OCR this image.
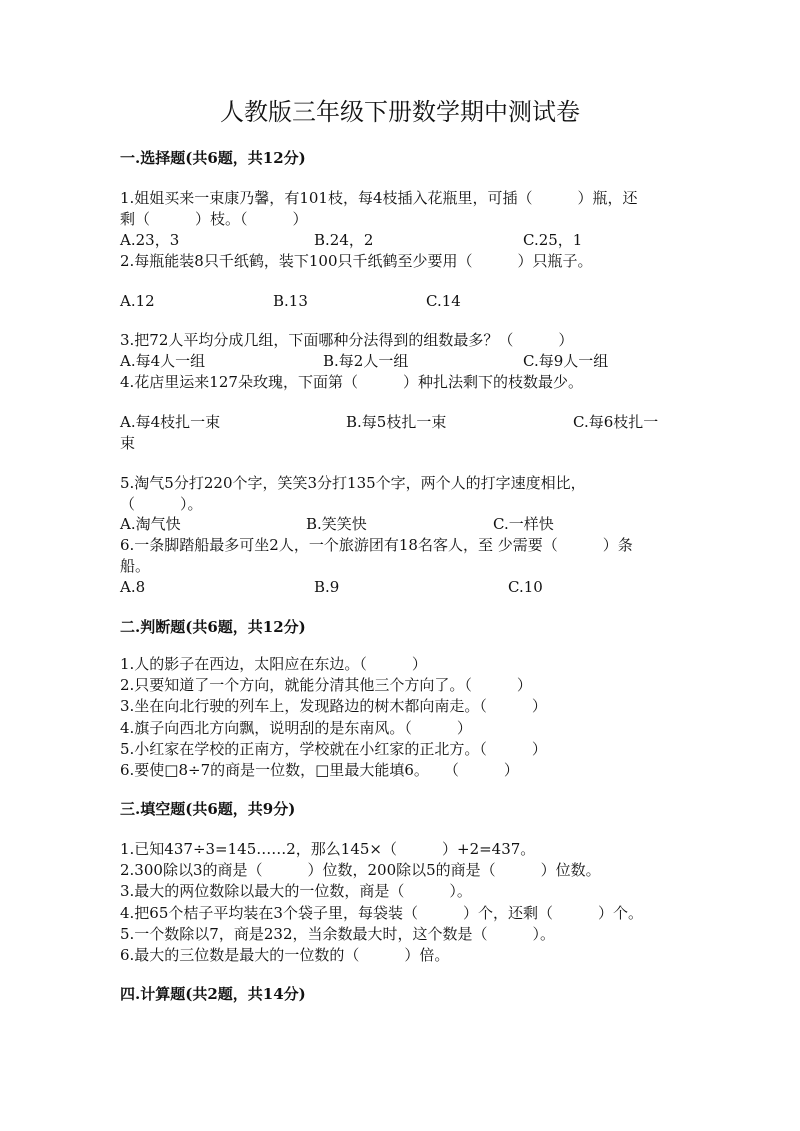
人教版三年级下册数学期中测试卷
一.选择题(共6题，共12分)
1.姐姐买来一束康乃馨，有101枝，每4枝插入花瓶里，可插（　　　）瓶，还
剩（　　　）枝。（　　　）
A.23，3	B.24，2	C.25，1
2.每瓶能装8只千纸鹤，装下100只千纸鹤至少要用（　　　）只瓶子。
A.12	B.13	C.14
3.把72人平均分成几组，下面哪种分法得到的组数最多？（　　　）
A.每4人一组	B.每2人一组	C.每9人一组
4.花店里运来127朵玫瑰，下面第（　　　）种扎法剩下的枝数最少。
A.每4枝扎一束	B.每5枝扎一束	C.每6枝扎一
束
5.淘气5分打220个字，笑笑3分打135个字，两个人的打字速度相比，
（　　　）。
A.淘气快	B.笑笑快	C.一样快
6.一条脚踏船最多可坐2人，一个旅游团有18名客人，至 少需要（　　　）条
船。
A.8	B.9	C.10
二.判断题(共6题，共12分)
1.人的影子在西边，太阳应在东边。（　　　）
2.只要知道了一个方向，就能分清其他三个方向了。（　　　）
3.坐在向北行驶的列车上，发现路边的树木都向南走。（　　　）
4.旗子向西北方向飘，说明刮的是东南风。（　　　）
5.小红家在学校的正南方，学校就在小红家的正北方。（　　　）
6.要使□8÷7的商是一位数，□里最大能填6。　　（　　　）
三.填空题(共6题，共9分)
1.已知437÷3=145……2，那么145×（　　　）+2=437。
2.300除以3的商是（　　　）位数，200除以5的商是（　　　）位数。
3.最大的两位数除以最大的一位数，商是（　　　）。
4.把65个桔子平均装在3个袋子里，每袋装（　　　）个，还剩（　　　）个。
5.一个数除以7，商是232，当余数最大时，这个数是（　　　）。
6.最大的三位数是最大的一位数的（　　　）倍。
四.计算题(共2题，共14分)
